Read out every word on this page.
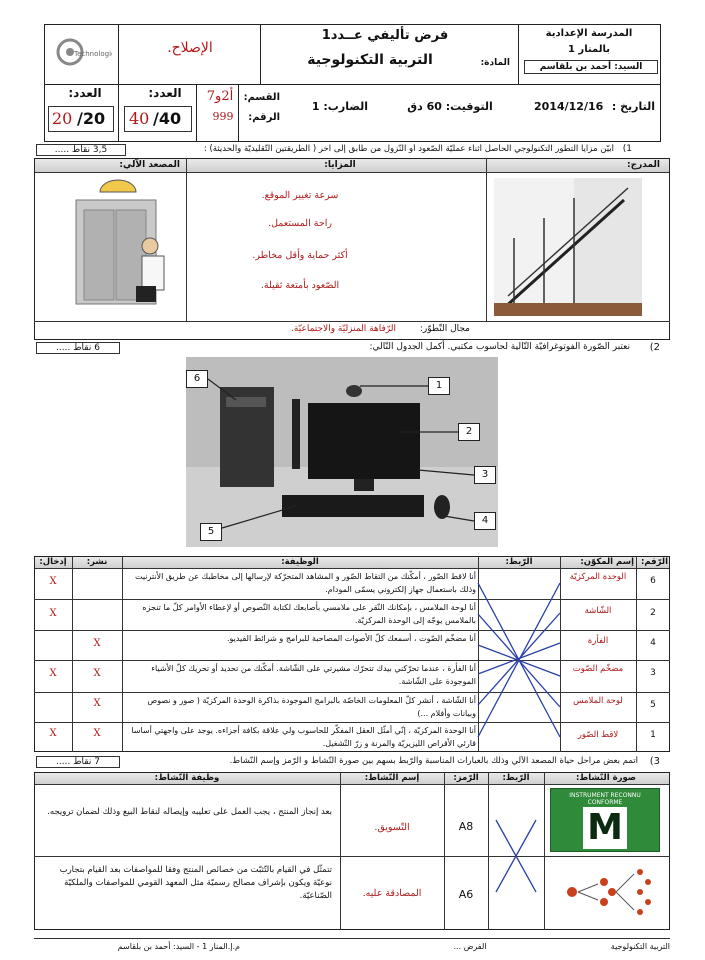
Technologie
المدرسة الإعدادية
بالمنار 1
السيد: أحمد بن بلقاسم
فرض تأليفي عــدد1
المادة:
التربية التكنولوجية
الإصلاح.
التاريخ :
2014/12/16
التوقيت: 60 دق
الضارب: 1
القسم:
7أ2و
الرقم:
999
العدد:
40 /40
العدد:
20 /20
1)
أبيّن مزايا التطور التكنولوجي الحاصل أثناء عمليّة الصّعود أو النّزول من طابق إلى آخر ( الطّريقتين التّقليديّة والحديثة) :
3,5 نقاط .....
المدرج:
المزايا:
المصعد الآلي:
سرعة تغيير الموقع.
راحة المستعمل.
أكثر حماية وأقل مخاطر.
الصّعود بأمتعة ثقيلة.
مجال التّطوّر:
الرّفاهة المنزليّة والاجتماعيّة.
2)
نعتبر الصّورة الفوتوغرافيّة التّالية لحاسوب مكتبي. أكمل الجدول التّالي:
6 نقاط .....
1
2
3
4
5
6
الرّقم:
إسم المكوّن:
الرّبط:
الوظيفة:
نشر:
إدخال:
6
الوحدة المركزيّة
أنا لاقط الصّور ، أمكّنك من التقاط الصّور و المشاهد المتحرّكة لإرسالها إلى مخاطبك عن طريق الأنترنيت وذلك باستعمال جهاز إلكتروني يسمّى المودام.
X
2
الشّاشة
أنا لوحة الملامس ، بإمكانك النّقر على ملامسي بأصابعك لكتابة النّصوص أو لإعطاء الأوامر كلّ ما تنجزه بالملامس يوجّه إلى الوحدة المركزيّة.
X
4
الفأرة
أنا مضخّم الصّوت ، أسمعك كلّ الأصوات المصاحبة للبرامج و شرائط الفيديو.
X
3
مضخّم الصّوت
أنا الفأرة ، عندما تحرّكني بيدك تتحرّك مشيرتي على الشّاشة. أمكّنك من تحديد أو تحريك كلّ الأشياء الموجودة على الشّاشة.
X
X
5
لوحة الملامس
أنا الشّاشة ، أنشر كلّ المعلومات الخاصّة بالبرامج الموجودة بذاكرة الوحدة المركزيّة ( صور و نصوص وبيانات وأفلام ...)
X
1
لاقط الصّور
أنا الوحدة المركزيّة ، إنّي أمثّل العقل المفكّر للحاسوب ولي علاقة بكافة أجزاءه. يوجد على واجهتي أساسا قارئي الأقراص الليزيريّة والمرنة و زرّ التّشغيل.
X
X
3)
أتمم بعض مراحل حياة المصعد الآلي وذلك بالعبارات المناسبة والرّبط بسهم بين صورة النّشاط و الرّمز وإسم النّشاط.
7 نقاط .....
صورة النّشاط:
الرّبط:
الرّمز:
إسم النّشاط:
وظيفة النّشاط:
INSTRUMENT RECONNU CONFORME
M
A8
التّسويق.
بعد إنجاز المنتج ، يجب العمل على تعليبه وإيصاله لنقاط البيع وذلك لضمان ترويجه.
A6
المصادقة عليه.
تتمثّل في القيام بالتّثبّت من خصائص المنتج وفقا للمواصفات بعد القيام بتجارب نوعيّة ويكون بإشراف مصالح رسميّة مثل المعهد القومي للمواصفات والملكيّة الصّناعيّة.
التربية التكنولوجية
الفرض ...
م.إ.المنار 1 - السيد: أحمد بن بلقاسم
